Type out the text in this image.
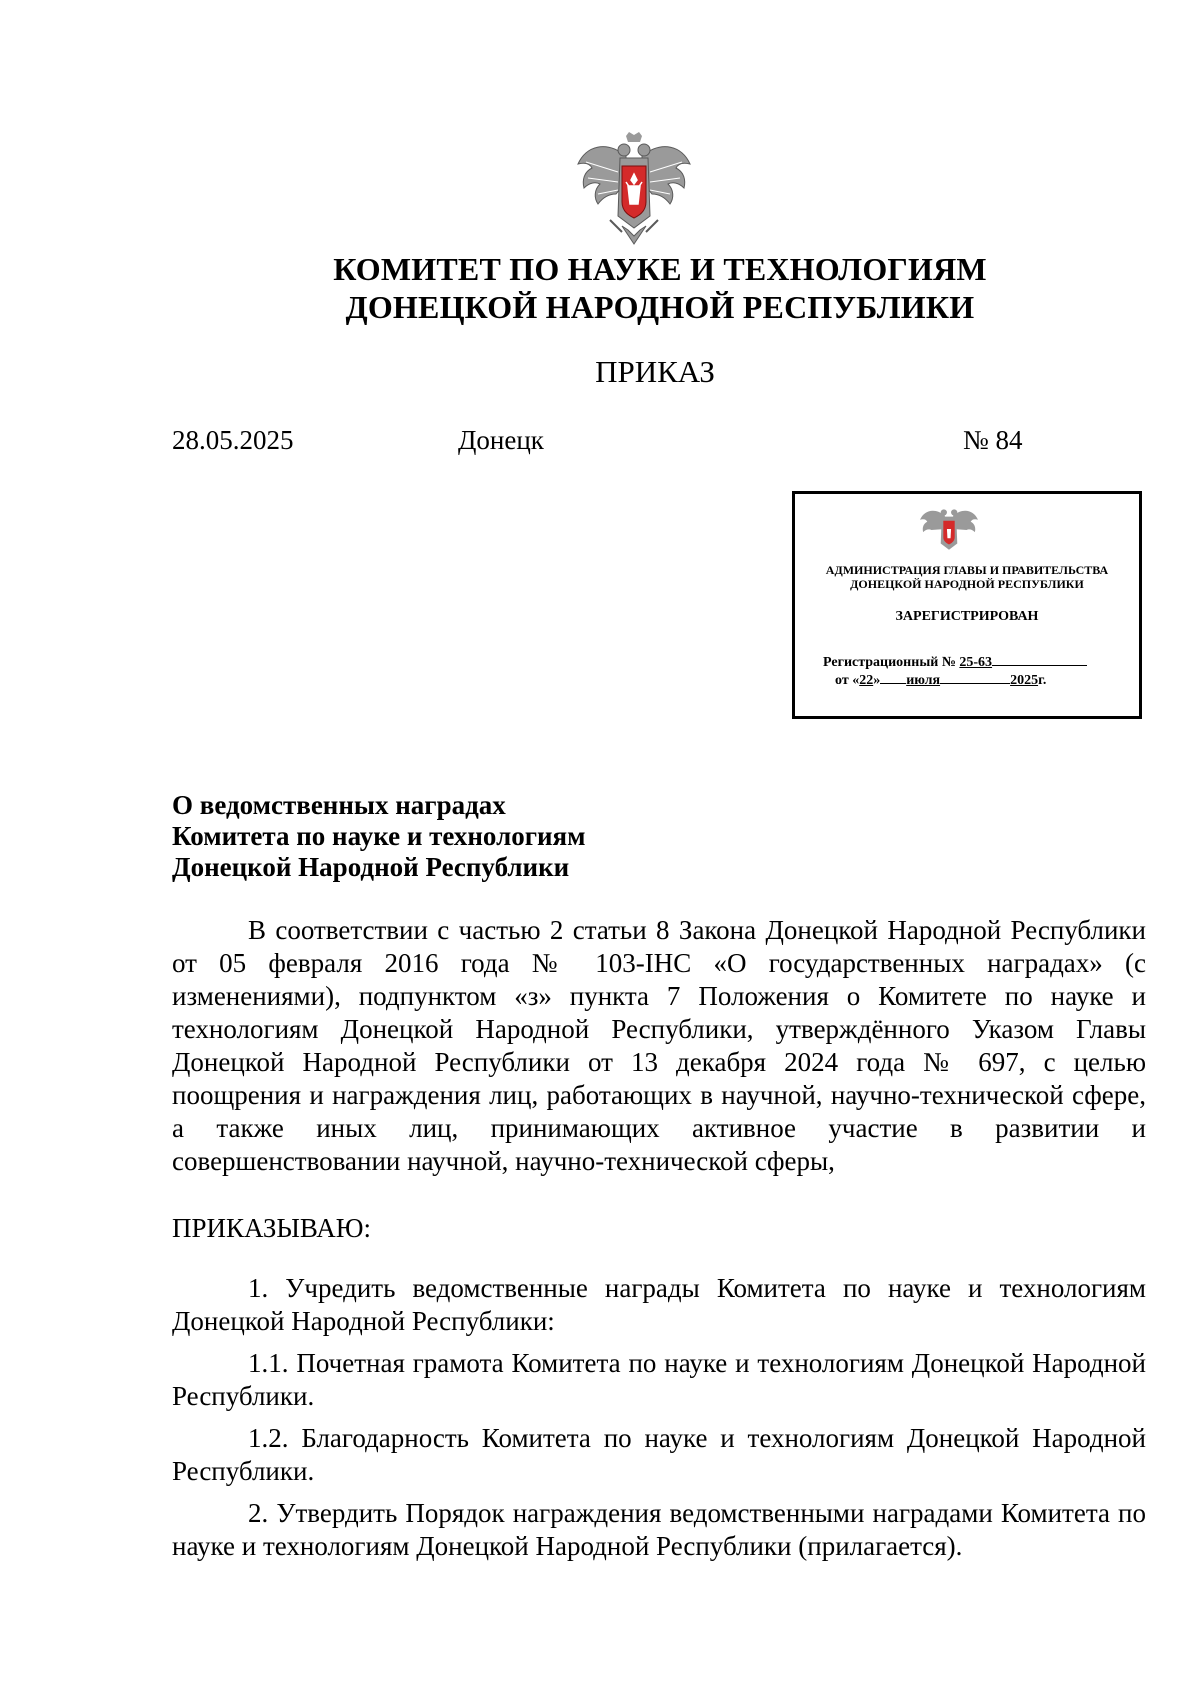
КОМИТЕТ ПО НАУКЕ И ТЕХНОЛОГИЯМ
ДОНЕЦКОЙ НАРОДНОЙ РЕСПУБЛИКИ
ПРИКАЗ
28.05.2025	Донецк	№ 84
АДМИНИСТРАЦИЯ ГЛАВЫ И ПРАВИТЕЛЬСТВА
ДОНЕЦКОЙ НАРОДНОЙ РЕСПУБЛИКИ
ЗАРЕГИСТРИРОВАН
Регистрационный № 25-63
от «22» июля	2025г.
О ведомственных наградах
Комитета по науке и технологиям
Донецкой Народной Республики
В соответствии с частью 2 статьи 8 Закона Донецкой Народной Республики от 05 февраля 2016 года № 103-IНС «О государственных наградах» (с изменениями), подпунктом «з» пункта 7 Положения о Комитете по науке и технологиям Донецкой Народной Республики, утверждённого Указом Главы Донецкой Народной Республики от 13 декабря 2024 года № 697, с целью поощрения и награждения лиц, работающих в научной, научно-технической сфере, а также иных лиц, принимающих активное участие в развитии и совершенствовании научной, научно-технической сферы,
ПРИКАЗЫВАЮ:
1. Учредить ведомственные награды Комитета по науке и технологиям Донецкой Народной Республики:
1.1. Почетная грамота Комитета по науке и технологиям Донецкой Народной Республики.
1.2. Благодарность Комитета по науке и технологиям Донецкой Народной Республики.
2. Утвердить Порядок награждения ведомственными наградами Комитета по науке и технологиям Донецкой Народной Республики (прилагается).
